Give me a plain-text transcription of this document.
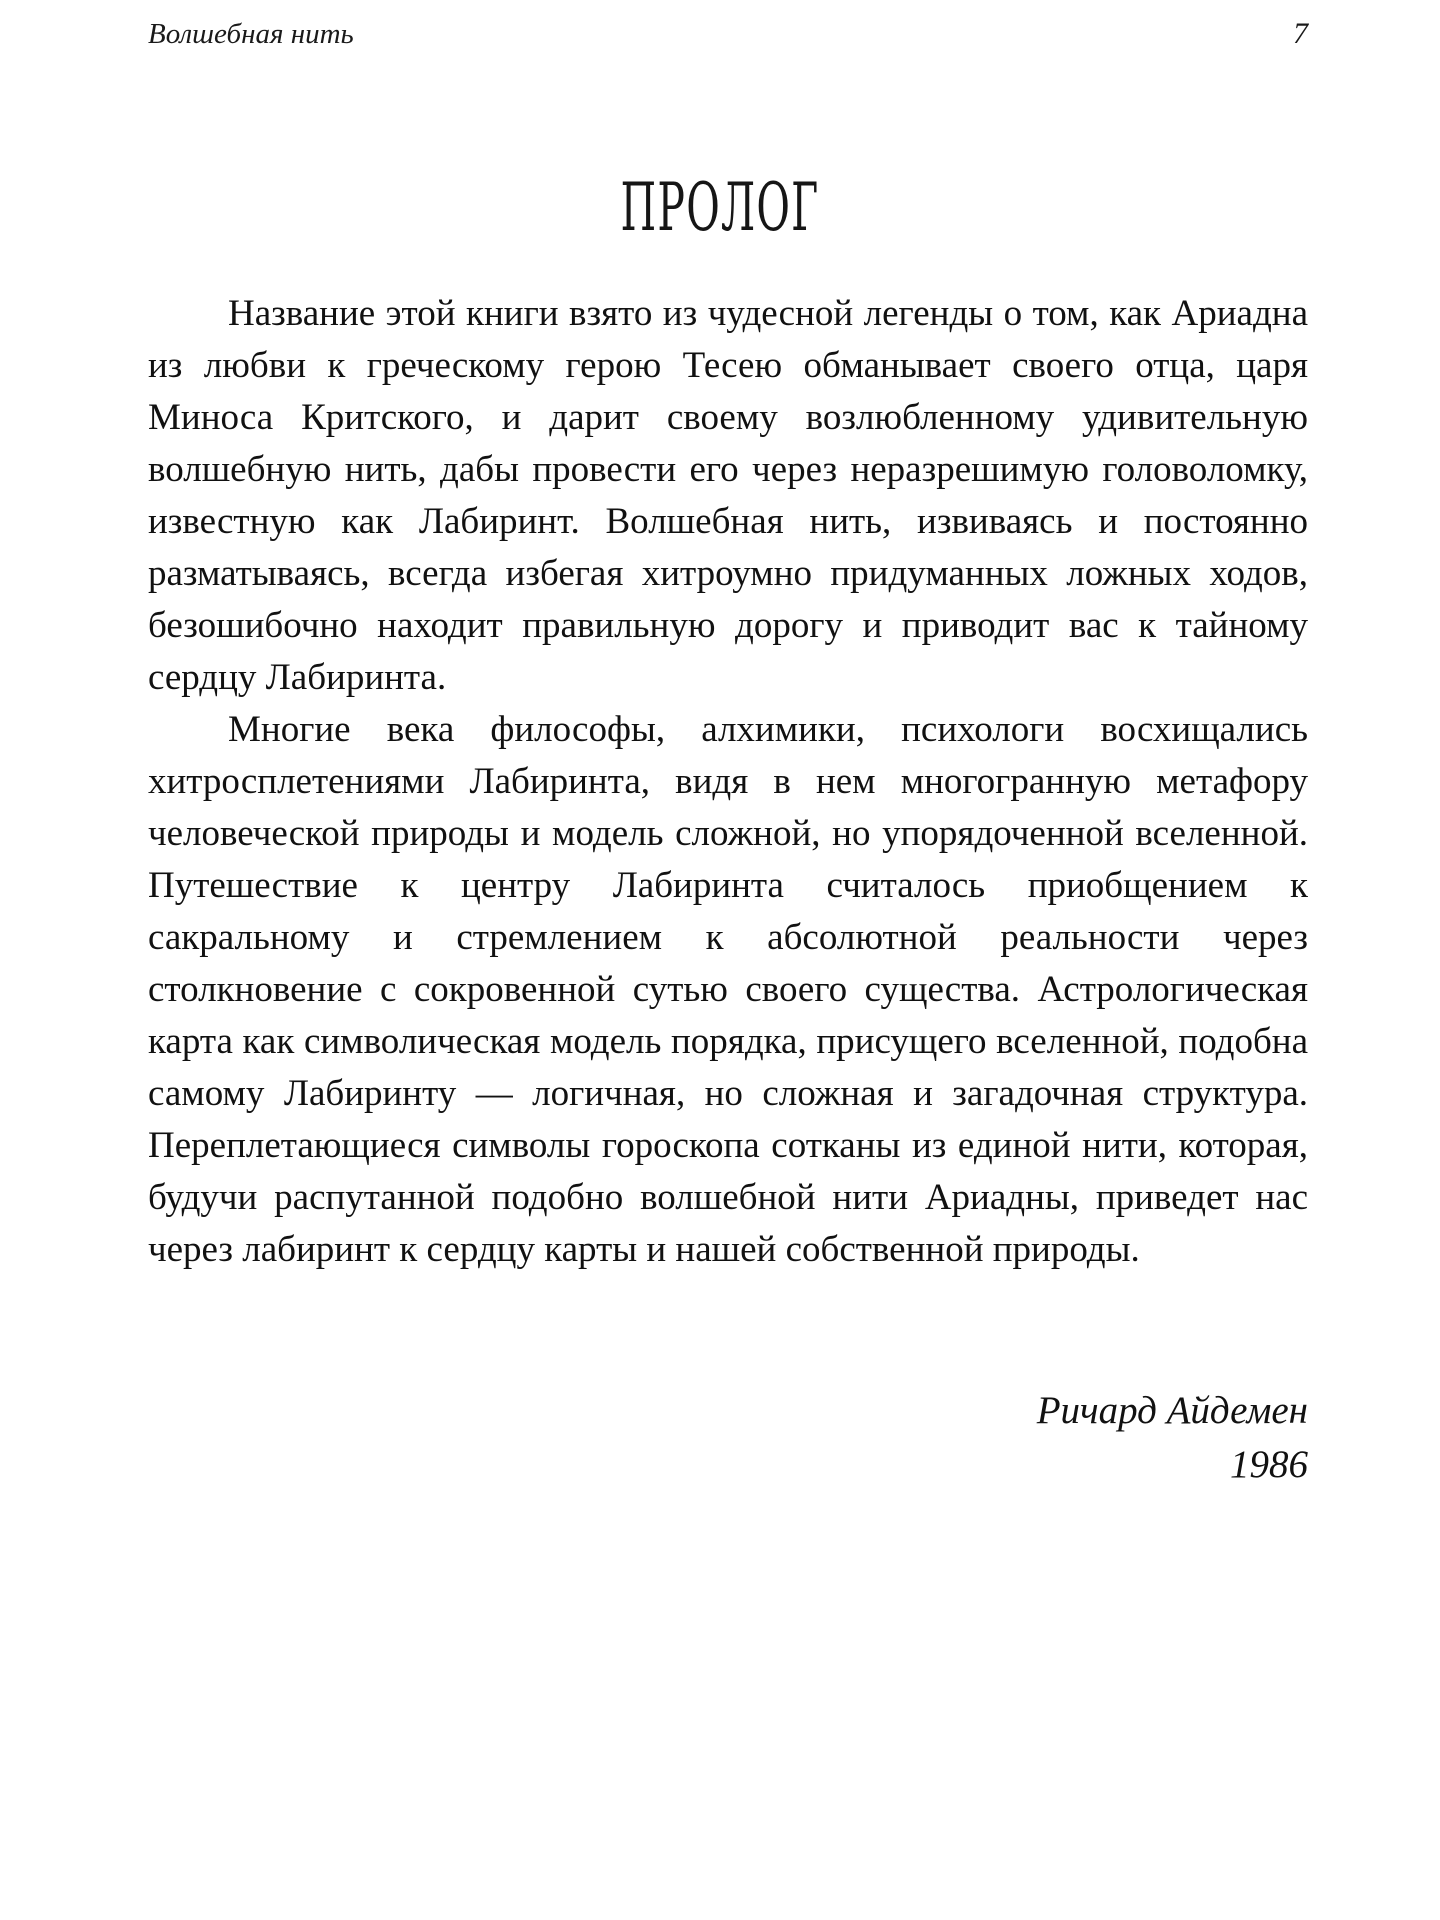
Волшебная нить	7
ПРОЛОГ

Название этой книги взято из чудесной легенды о том, как Ариадна из любви к греческому герою Тесею обманывает своего отца, царя Миноса Критского, и дарит своему возлюбленному удивительную волшебную нить, дабы провести его через неразрешимую головоломку, известную как Лабиринт. Волшебная нить, извиваясь и постоянно разматываясь, всегда избегая хитроумно придуманных ложных ходов, безошибочно находит правильную дорогу и приводит вас к тайному сердцу Лабиринта.

Многие века философы, алхимики, психологи восхищались хитросплетениями Лабиринта, видя в нем многогранную метафору человеческой природы и модель сложной, но упорядоченной вселенной. Путешествие к центру Лабиринта считалось приобщением к сакральному и стремлением к абсолютной реальности через столкновение с сокровенной сутью своего существа. Астрологическая карта как символическая модель порядка, присущего вселенной, подобна самому Лабиринту — логичная, но сложная и загадочная структура. Переплетающиеся символы гороскопа сотканы из единой нити, которая, будучи распутанной подобно волшебной нити Ариадны, приведет нас через лабиринт к сердцу карты и нашей собственной природы.

Ричард Айдемен
1986
